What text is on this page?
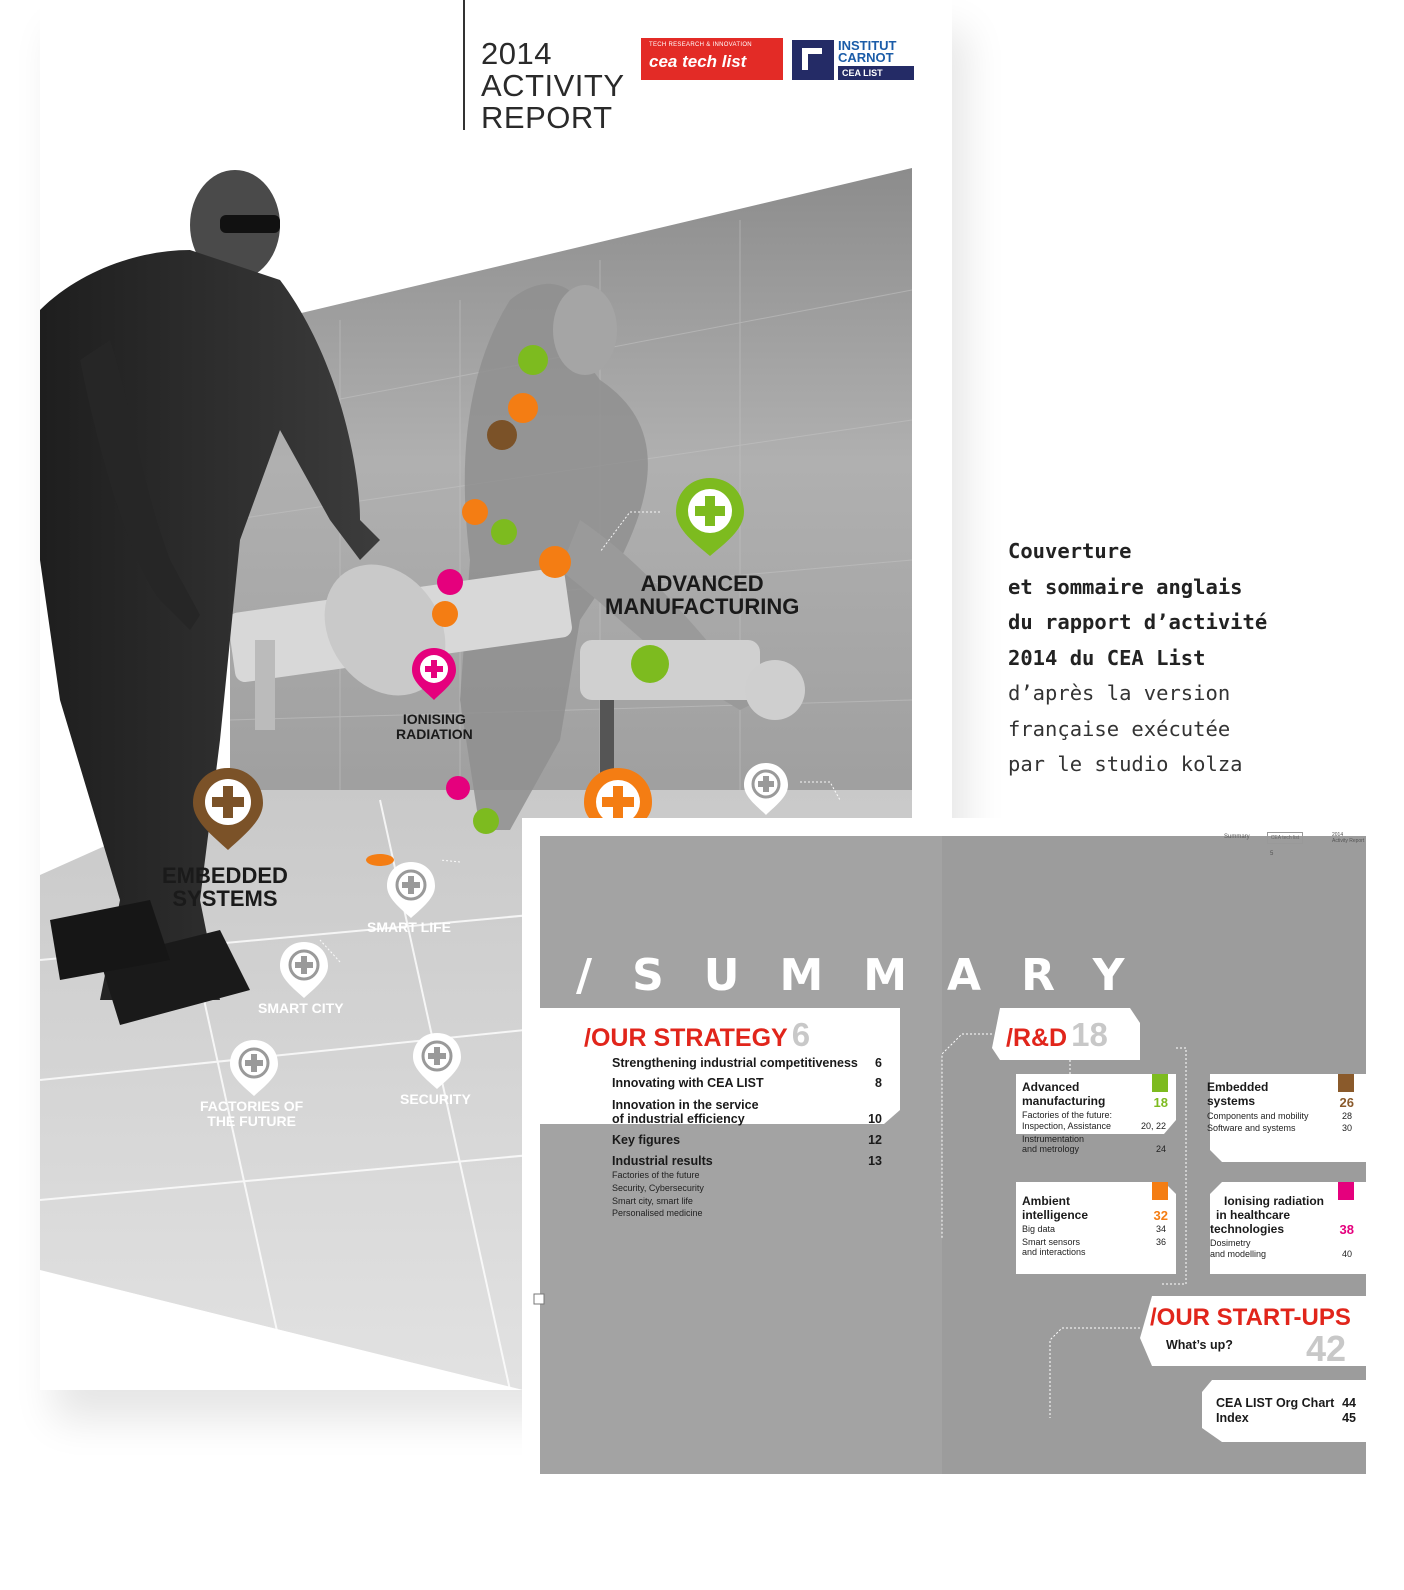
2014
ACTIVITY
REPORT
TECH RESEARCH & INNOVATION
cea tech list
INSTITUT
CARNOT
CEA LIST
ADVANCED
MANUFACTURING
IONISING
RADIATION
EMBEDDED
SYSTEMS
SMART LIFE
SMART CITY
FACTORIES OF
THE FUTURE
SECURITY
Couverture
et sommaire anglais
du rapport d’activité
2014 du CEA List
d’après la version
française exécutée
par le studio kolza
Summary
5
CEA tech list	2014
Activity Report
/SUMMARY
/OUR STRATEGY 6
Strengthening industrial competitiveness	6
Innovating with CEA LIST	8
Innovation in the service
of industrial efficiency	10
Key figures	12
Industrial results	13
Factories of the future
Security, Cybersecurity
Smart city, smart life
Personalised medicine
/R&D 18
Advanced
manufacturing	18
Factories of the future:
Inspection, Assistance	20, 22
Instrumentation
and metrology	24
Embedded
systems	26
Components and mobility	28
Software and systems	30
Ambient
intelligence	32
Big data	34
Smart sensors	36
and interactions
Ionising radiation
in healthcare
technologies	38
Dosimetry
and modelling	40
/OUR START-UPS
What’s up? 42
CEA LIST Org Chart 44
Index	45
